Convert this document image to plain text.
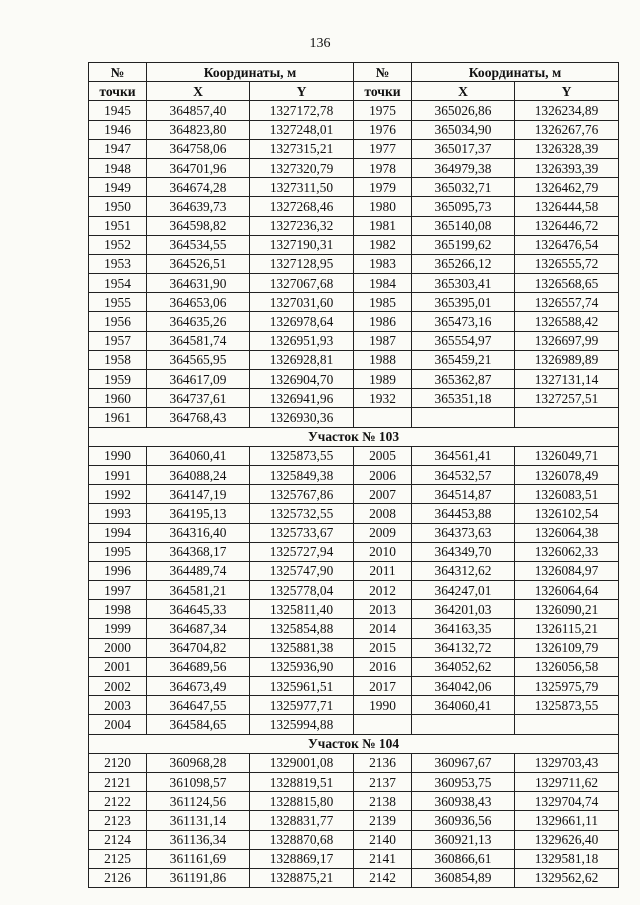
136
№	Координаты, м		№	Координаты, м	
точки	X	Y	точки	X	Y
1945	364857,40	1327172,78	1975	365026,86	1326234,89
1946	364823,80	1327248,01	1976	365034,90	1326267,76
1947	364758,06	1327315,21	1977	365017,37	1326328,39
1948	364701,96	1327320,79	1978	364979,38	1326393,39
1949	364674,28	1327311,50	1979	365032,71	1326462,79
1950	364639,73	1327268,46	1980	365095,73	1326444,58
1951	364598,82	1327236,32	1981	365140,08	1326446,72
1952	364534,55	1327190,31	1982	365199,62	1326476,54
1953	364526,51	1327128,95	1983	365266,12	1326555,72
1954	364631,90	1327067,68	1984	365303,41	1326568,65
1955	364653,06	1327031,60	1985	365395,01	1326557,74
1956	364635,26	1326978,64	1986	365473,16	1326588,42
1957	364581,74	1326951,93	1987	365554,97	1326697,99
1958	364565,95	1326928,81	1988	365459,21	1326989,89
1959	364617,09	1326904,70	1989	365362,87	1327131,14
1960	364737,61	1326941,96	1932	365351,18	1327257,51
1961	364768,43	1326930,36			
Участок № 103					
1990	364060,41	1325873,55	2005	364561,41	1326049,71
1991	364088,24	1325849,38	2006	364532,57	1326078,49
1992	364147,19	1325767,86	2007	364514,87	1326083,51
1993	364195,13	1325732,55	2008	364453,88	1326102,54
1994	364316,40	1325733,67	2009	364373,63	1326064,38
1995	364368,17	1325727,94	2010	364349,70	1326062,33
1996	364489,74	1325747,90	2011	364312,62	1326084,97
1997	364581,21	1325778,04	2012	364247,01	1326064,64
1998	364645,33	1325811,40	2013	364201,03	1326090,21
1999	364687,34	1325854,88	2014	364163,35	1326115,21
2000	364704,82	1325881,38	2015	364132,72	1326109,79
2001	364689,56	1325936,90	2016	364052,62	1326056,58
2002	364673,49	1325961,51	2017	364042,06	1325975,79
2003	364647,55	1325977,71	1990	364060,41	1325873,55
2004	364584,65	1325994,88			
Участок № 104					
2120	360968,28	1329001,08	2136	360967,67	1329703,43
2121	361098,57	1328819,51	2137	360953,75	1329711,62
2122	361124,56	1328815,80	2138	360938,43	1329704,74
2123	361131,14	1328831,77	2139	360936,56	1329661,11
2124	361136,34	1328870,68	2140	360921,13	1329626,40
2125	361161,69	1328869,17	2141	360866,61	1329581,18
2126	361191,86	1328875,21	2142	360854,89	1329562,62
